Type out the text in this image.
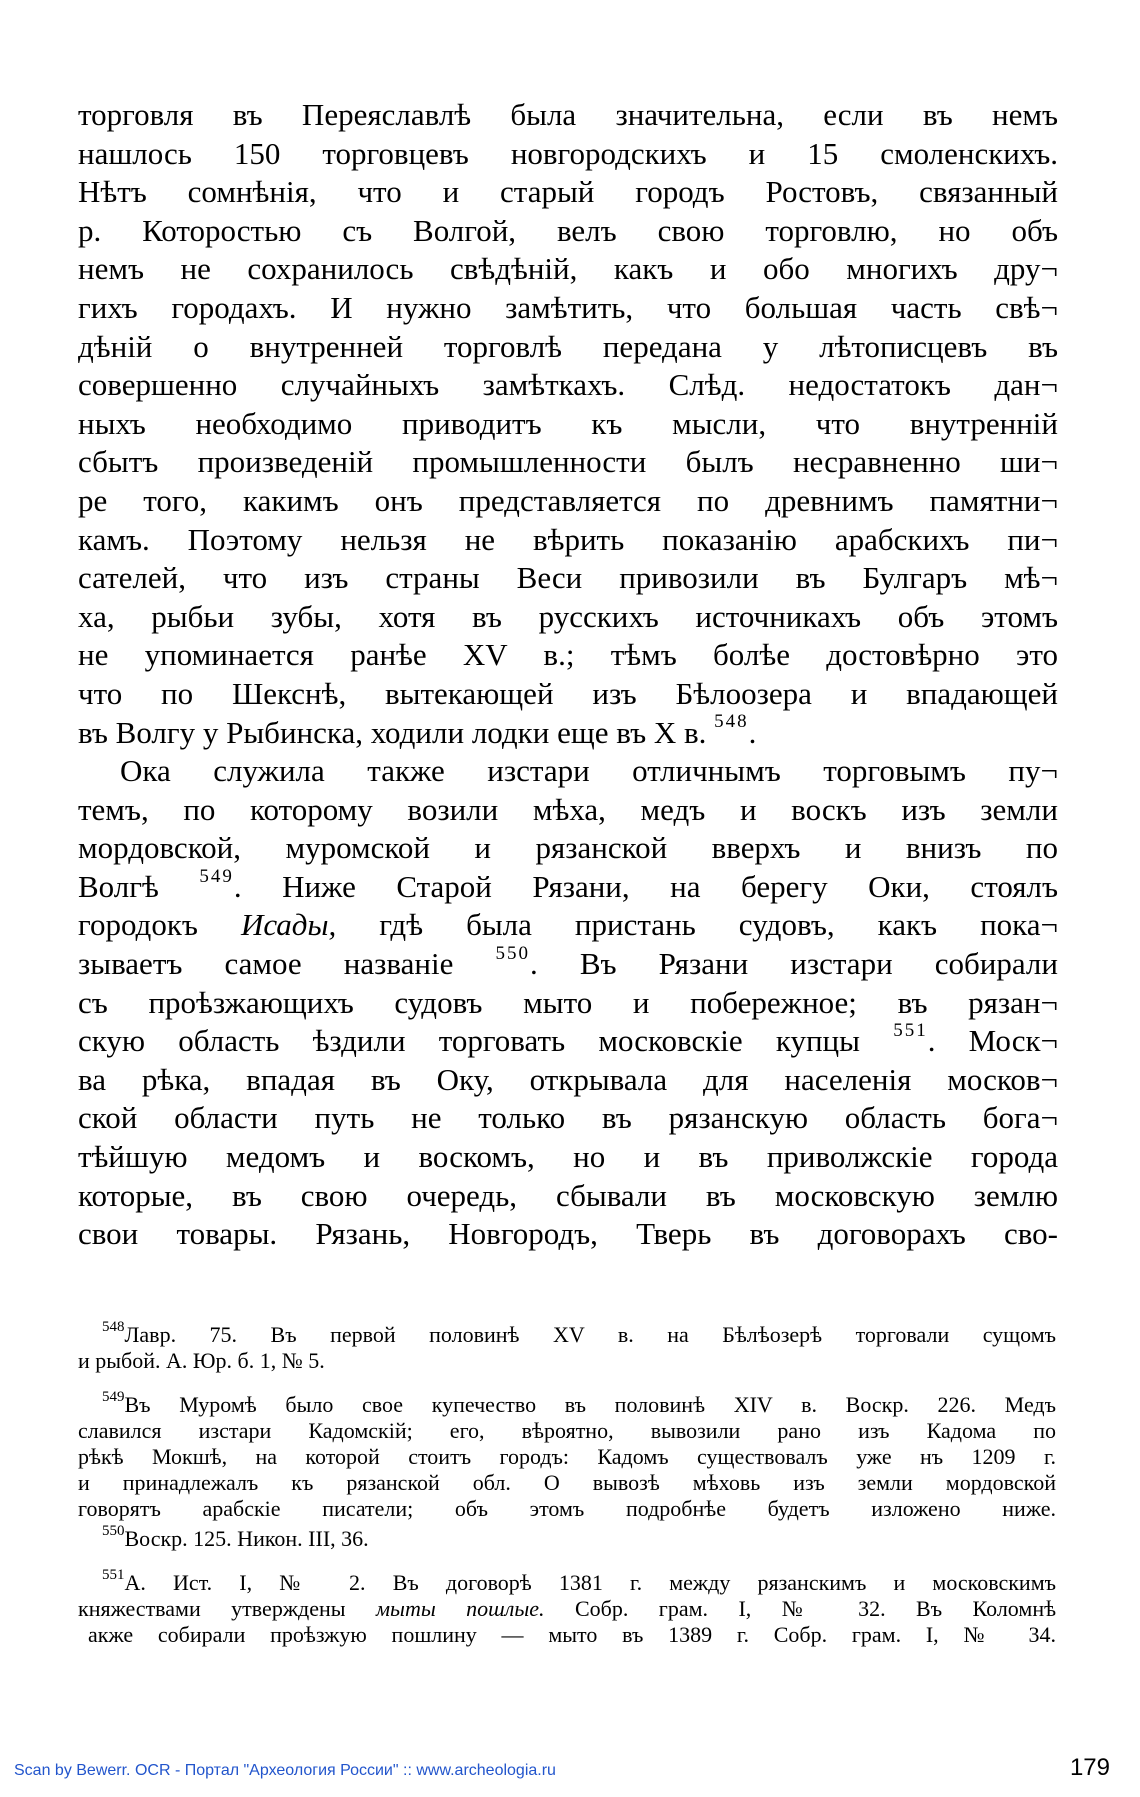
торговля въ Переяславлѣ была значительна, если въ немъ
нашлось 150 торговцевъ новгородскихъ и 15 смоленскихъ.
Нѣтъ сомнѣнія, что и старый городъ Ростовъ, связанный
р. Которостью съ Волгой, велъ свою торговлю, но объ
немъ не сохранилось свѣдѣній, какъ и обо многихъ дру¬
гихъ городахъ. И нужно замѣтить, что большая часть свѣ¬
дѣній о внутренней торговлѣ передана у лѣтописцевъ въ
совершенно случайныхъ замѣткахъ. Слѣд. недостатокъ дан¬
ныхъ необходимо приводитъ къ мысли, что внутренній
сбытъ произведеній промышленности былъ несравненно ши¬
ре того, какимъ онъ представляется по древнимъ памятни¬
камъ. Поэтому нельзя не вѣрить показанію арабскихъ пи¬
сателей, что изъ страны Веси привозили въ Булгаръ мѣ¬
ха, рыбьи зубы, хотя въ русскихъ источникахъ объ этомъ
не упоминается ранѣе XV в.; тѣмъ болѣе достовѣрно это
что по Шекснѣ, вытекающей изъ Бѣлоозера и впадающей
въ Волгу у Рыбинска, ходили лодки еще въ X в. $^{548}$.
Ока служила также изстари отличнымъ торговымъ пу¬
темъ, по которому возили мѣха, медъ и воскъ изъ земли
мордовской, муромской и рязанской вверхъ и внизъ по
Волгѣ $^{549}$. Ниже Старой Рязани, на берегу Оки, стоялъ
городокъ Исады, гдѣ была пристань судовъ, какъ пока¬
зываетъ самое названіе $^{550}$. Въ Рязани изстари собирали
съ проѣзжающихъ судовъ мыто и побережное; въ рязан¬
скую область ѣздили торговать московскіе купцы $^{551}$. Моск¬
ва рѣка, впадая въ Оку, открывала для населенія москов¬
ской области путь не только въ рязанскую область бога¬
тѣйшую медомъ и воскомъ, но и въ приволжскіе города
которые, въ свою очередь, сбывали въ московскую землю
свои товары. Рязань, Новгородъ, Тверь въ договорахъ сво-
$^{548}$Лавр. 75. Въ первой половинѣ XV в. на Бѣлѣозерѣ торговали сущомъ
и рыбой. А. Юр. б. 1, № 5.
$^{549}$Въ Муромѣ было свое купечество въ половинѣ XIV в. Воскр. 226. Медъ
славился изстари Кадомскій; его, вѣроятно, вывозили рано изъ Кадома по
рѣкѣ Мокшѣ, на которой стоитъ городъ: Кадомъ существовалъ уже нъ 1209 г.
и принадлежалъ къ рязанской обл. О вывозѣ мѣховь изъ земли мордовской
говорятъ арабскіе писатели; объ этомъ подробнѣе будетъ изложено ниже.
$^{550}$Воскр. 125. Никон. III, 36.
$^{551}$А. Ист. I, № 2. Въ договорѣ 1381 г. между рязанскимъ и московскимъ
княжествами утверждены мыты пошлые. Собр. грам. I, № 32. Въ Коломнѣ
акже собирали проѣзжую пошлину — мыто въ 1389 г. Собр. грам. I, № 34.
Scan by Bewerr. OCR - Портал "Археология России" :: www.archeologia.ru	179
